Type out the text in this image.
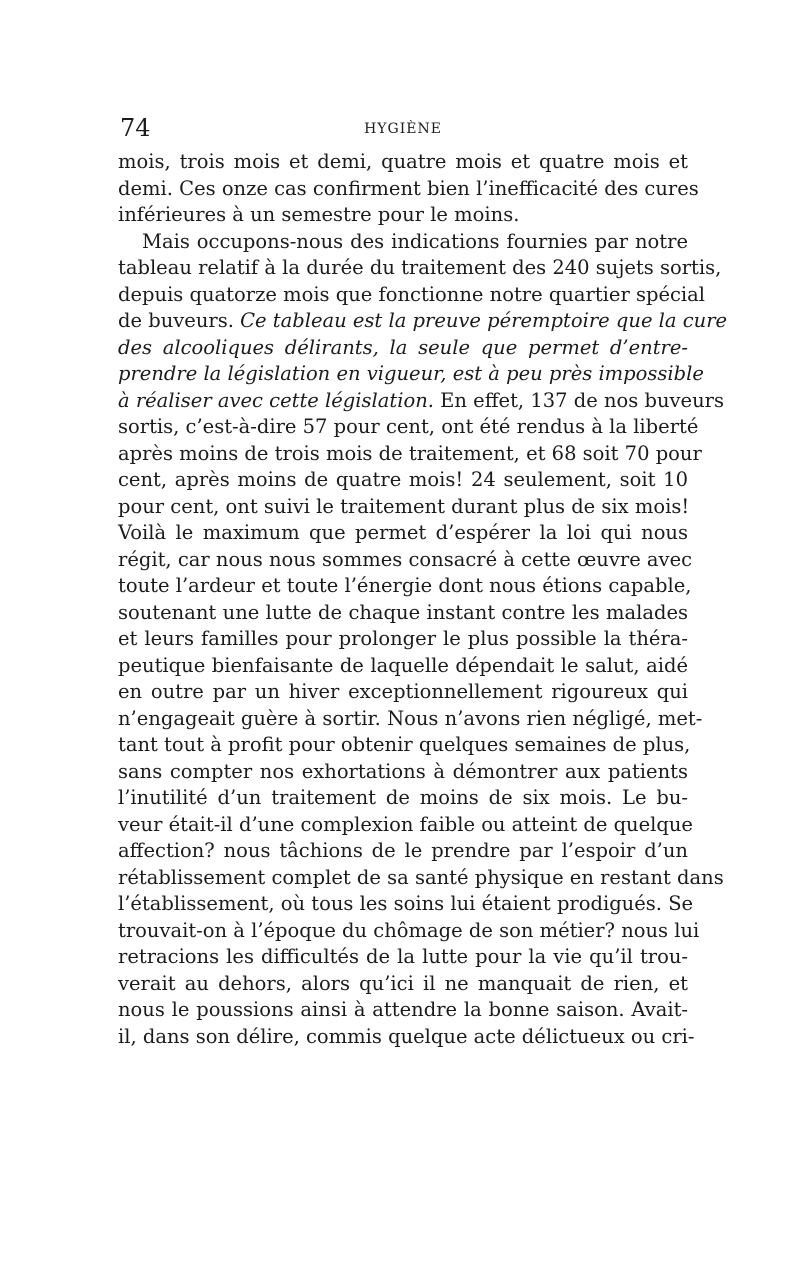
74	HYGIÈNE
mois, trois mois et demi, quatre mois et quatre mois et
demi. Ces onze cas confirment bien l’inefficacité des cures
inférieures à un semestre pour le moins.
Mais occupons-nous des indications fournies par notre
tableau relatif à la durée du traitement des 240 sujets sortis,
depuis quatorze mois que fonctionne notre quartier spécial
de buveurs. Ce tableau est la preuve péremptoire que la cure
des alcooliques délirants, la seule que permet d’entre-
prendre la législation en vigueur, est à peu près impossible
à réaliser avec cette législation. En effet, 137 de nos buveurs
sortis, c’est-à-dire 57 pour cent, ont été rendus à la liberté
après moins de trois mois de traitement, et 68 soit 70 pour
cent, après moins de quatre mois! 24 seulement, soit 10
pour cent, ont suivi le traitement durant plus de six mois!
Voilà le maximum que permet d’espérer la loi qui nous
régit, car nous nous sommes consacré à cette œuvre avec
toute l’ardeur et toute l’énergie dont nous étions capable,
soutenant une lutte de chaque instant contre les malades
et leurs familles pour prolonger le plus possible la théra-
peutique bienfaisante de laquelle dépendait le salut, aidé
en outre par un hiver exceptionnellement rigoureux qui
n’engageait guère à sortir. Nous n’avons rien négligé, met-
tant tout à profit pour obtenir quelques semaines de plus,
sans compter nos exhortations à démontrer aux patients
l’inutilité d’un traitement de moins de six mois. Le bu-
veur était-il d’une complexion faible ou atteint de quelque
affection? nous tâchions de le prendre par l’espoir d’un
rétablissement complet de sa santé physique en restant dans
l’établissement, où tous les soins lui étaient prodigués. Se
trouvait-on à l’époque du chômage de son métier? nous lui
retracions les difficultés de la lutte pour la vie qu’il trou-
verait au dehors, alors qu’ici il ne manquait de rien, et
nous le poussions ainsi à attendre la bonne saison. Avait-
il, dans son délire, commis quelque acte délictueux ou cri-
